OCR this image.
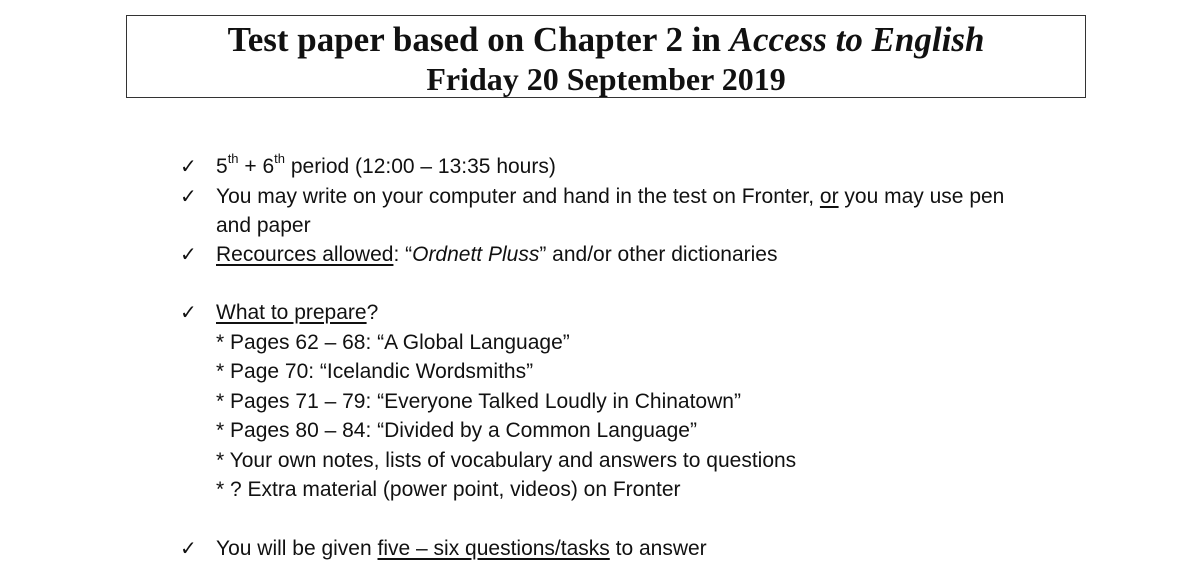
Test paper based on Chapter 2 in Access to English
Friday 20 September 2019
✓ 5th + 6th period (12:00 – 13:35 hours)
✓ You may write on your computer and hand in the test on Fronter, or you may use pen
and paper
✓ Recources allowed: “Ordnett Pluss” and/or other dictionaries
✓ What to prepare?
* Pages 62 – 68: “A Global Language”
* Page 70: “Icelandic Wordsmiths”
* Pages 71 – 79: “Everyone Talked Loudly in Chinatown”
* Pages 80 – 84: “Divided by a Common Language”
* Your own notes, lists of vocabulary and answers to questions
* ? Extra material (power point, videos) on Fronter
✓ You will be given five – six questions/tasks to answer
